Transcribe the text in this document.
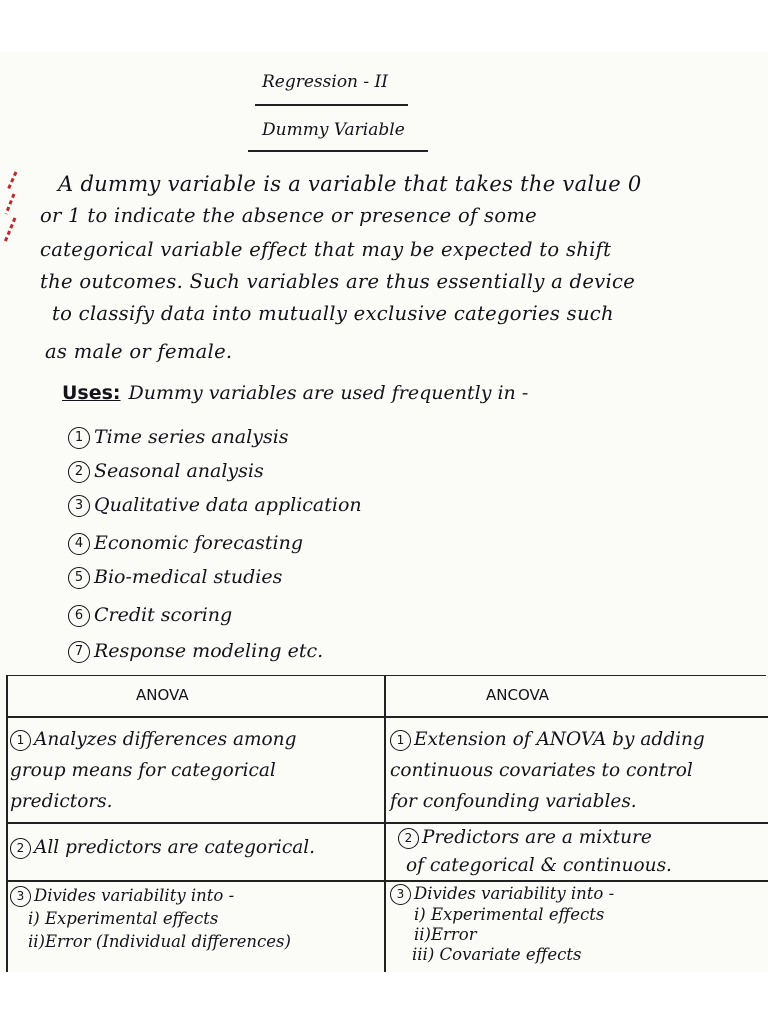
Regression - II
Dummy Variable
A dummy variable is a variable that takes the value 0
or 1 to indicate the absence or presence of some
categorical variable effect that may be expected to shift
the outcomes. Such variables are thus essentially a device
to classify data into mutually exclusive categories such
as male or female.
Uses: Dummy variables are used frequently in -
1 Time series analysis
2 Seasonal analysis
3 Qualitative data application
4 Economic forecasting
5 Bio-medical studies
6 Credit scoring
7 Response modeling etc.
ANOVA	ANCOVA
1 Analyzes differences among
group means for categorical
predictors.
1 Extension of ANOVA by adding
continuous covariates to control
for confounding variables.
2 All predictors are categorical.	2 Predictors are a mixture
of categorical & continuous.
3 Divides variability into -
i) Experimental effects
ii)Error (Individual differences)
3 Divides variability into -
i) Experimental effects
ii)Error
iii) Covariate effects
